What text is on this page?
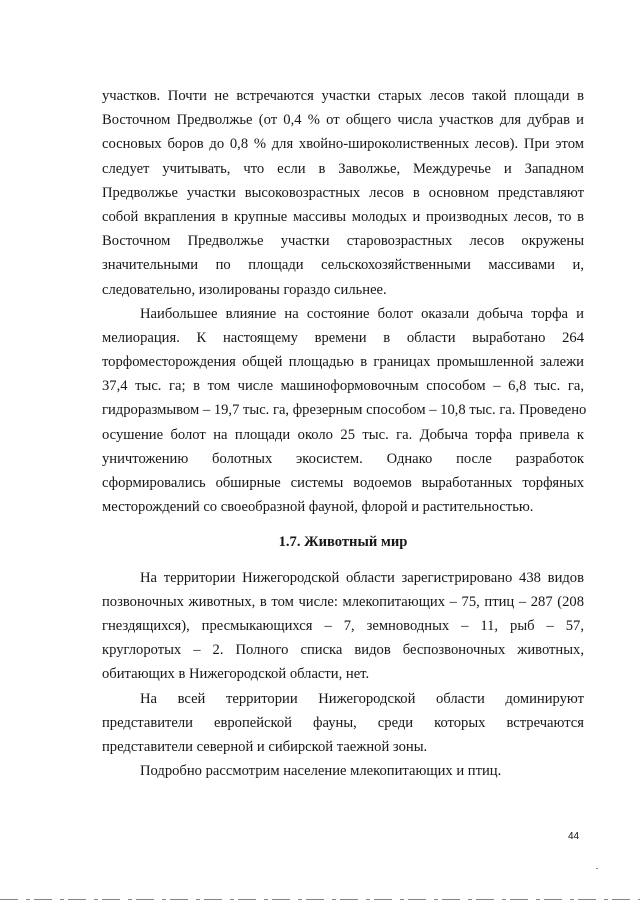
участков. Почти не встречаются участки старых лесов такой площади в
Восточном Предволжье (от 0,4 % от общего числа участков для дубрав и
сосновых боров до 0,8 % для хвойно-широколиственных лесов). При этом
следует учитывать, что если в Заволжье, Междуречье и Западном
Предволжье участки высоковозрастных лесов в основном представляют
собой вкрапления в крупные массивы молодых и производных лесов, то в
Восточном Предволжье участки старовозрастных лесов окружены
значительными по площади сельскохозяйственными массивами и,
следовательно, изолированы гораздо сильнее.
Наибольшее влияние на состояние болот оказали добыча торфа и
мелиорация. К настоящему времени в области выработано 264
торфоместорождения общей площадью в границах промышленной залежи
37,4 тыс. га; в том числе машиноформовочным способом – 6,8 тыс. га,
гидроразмывом – 19,7 тыс. га, фрезерным способом – 10,8 тыс. га. Проведено
осушение болот на площади около 25 тыс. га. Добыча торфа привела к
уничтожению болотных экосистем. Однако после разработок
сформировались обширные системы водоемов выработанных торфяных
месторождений со своеобразной фауной, флорой и растительностью.
1.7. Животный мир
На территории Нижегородской области зарегистрировано 438 видов
позвоночных животных, в том числе: млекопитающих – 75, птиц – 287 (208
гнездящихся), пресмыкающихся – 7, земноводных – 11, рыб – 57,
круглоротых – 2. Полного списка видов беспозвоночных животных,
обитающих в Нижегородской области, нет.
На всей территории Нижегородской области доминируют
представители европейской фауны, среди которых встречаются
представители северной и сибирской таежной зоны.
Подробно рассмотрим население млекопитающих и птиц.
44
